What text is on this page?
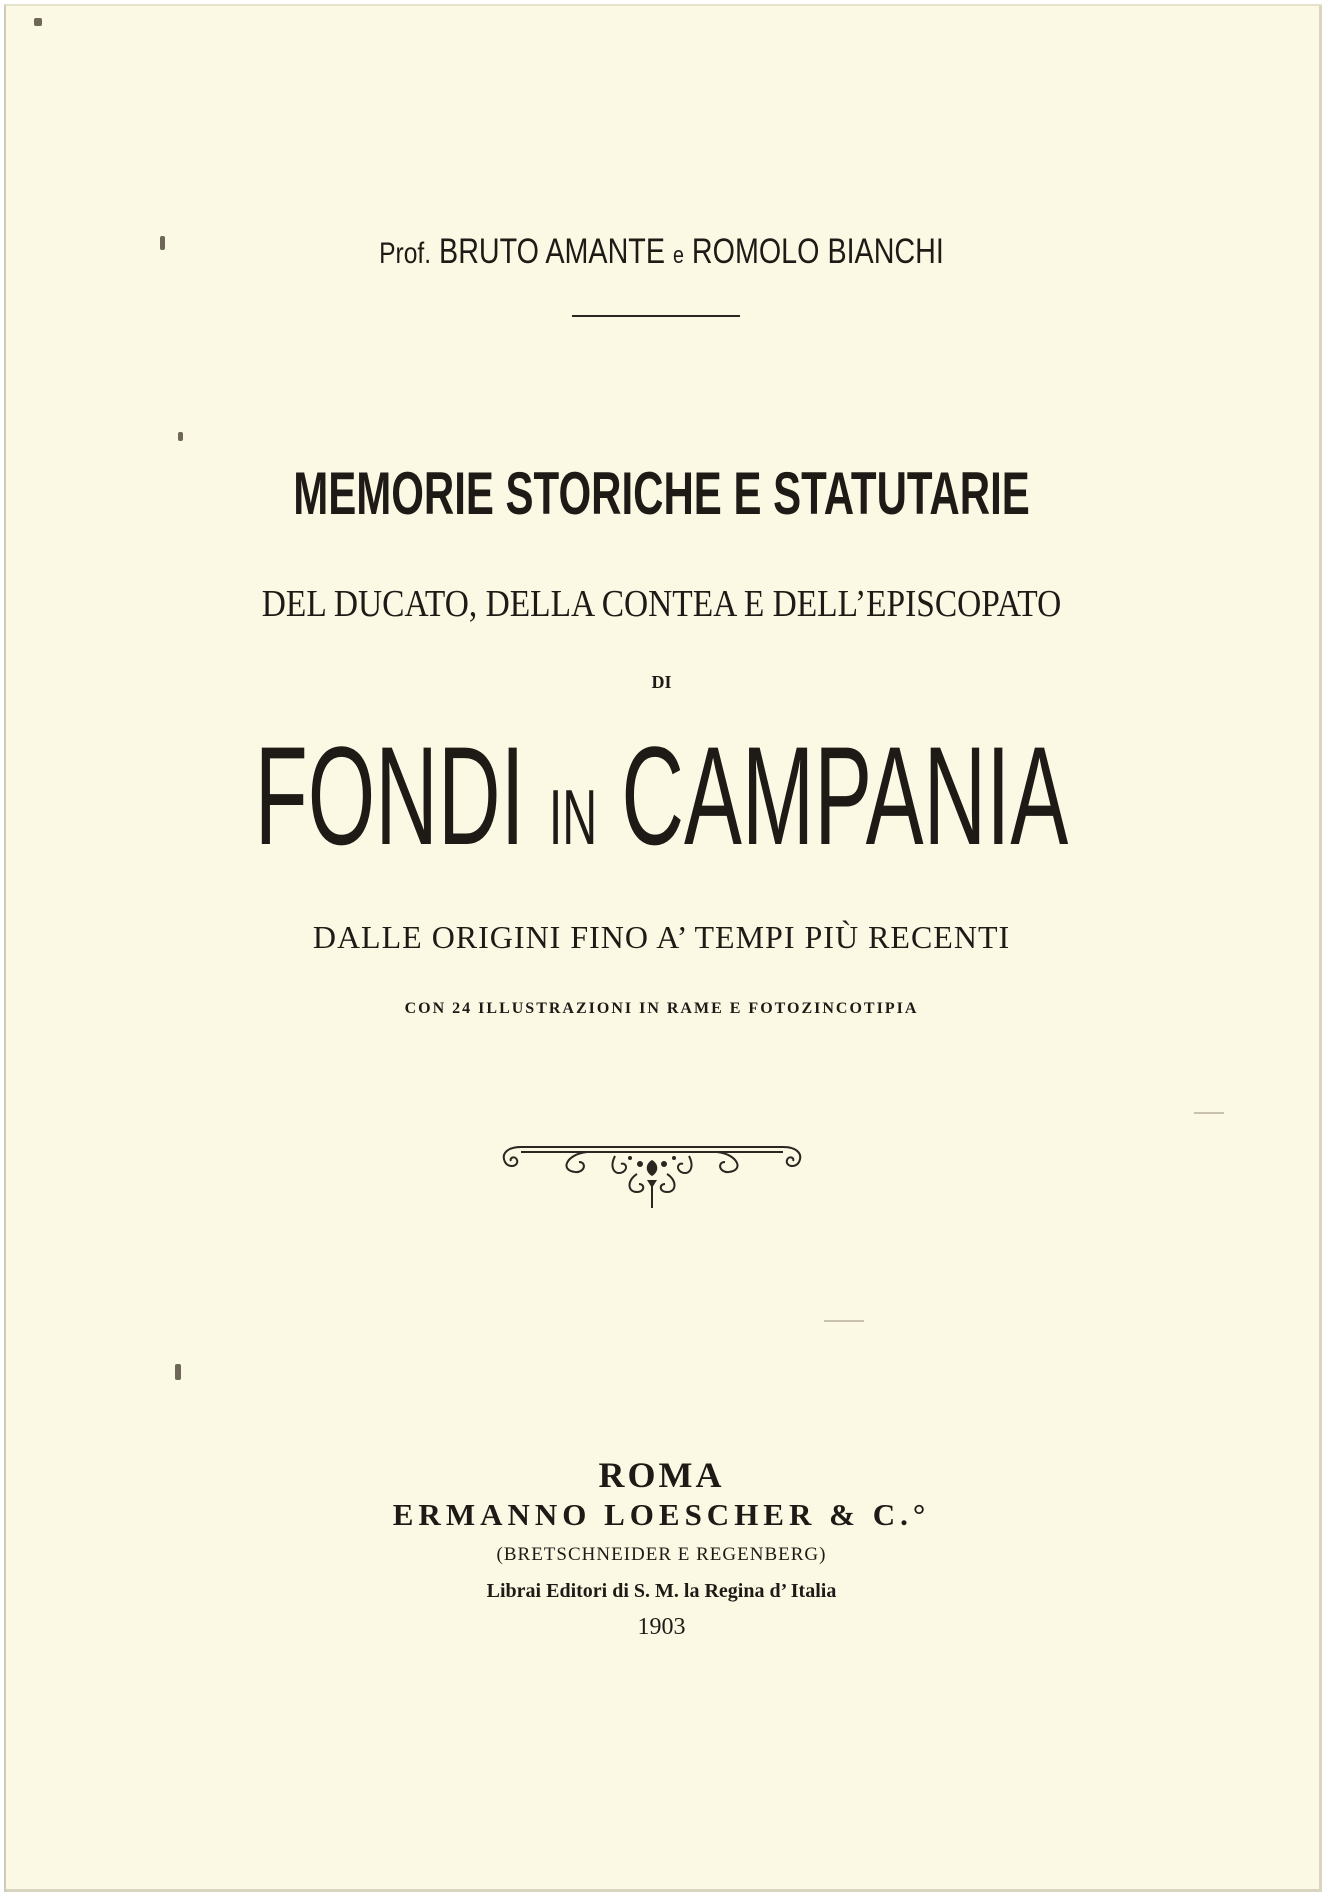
Prof. BRUTO AMANTE e ROMOLO BIANCHI
MEMORIE STORICHE E STATUTARIE
DEL DUCATO, DELLA CONTEA E DELL’EPISCOPATO
DI
FONDI IN CAMPANIA
DALLE ORIGINI FINO A’ TEMPI PIÙ RECENTI
CON 24 ILLUSTRAZIONI IN RAME E FOTOZINCOTIPIA
ROMA
ERMANNO LOESCHER & C.°
(BRETSCHNEIDER E REGENBERG)
Librai Editori di S. M. la Regina d’ Italia
1903
